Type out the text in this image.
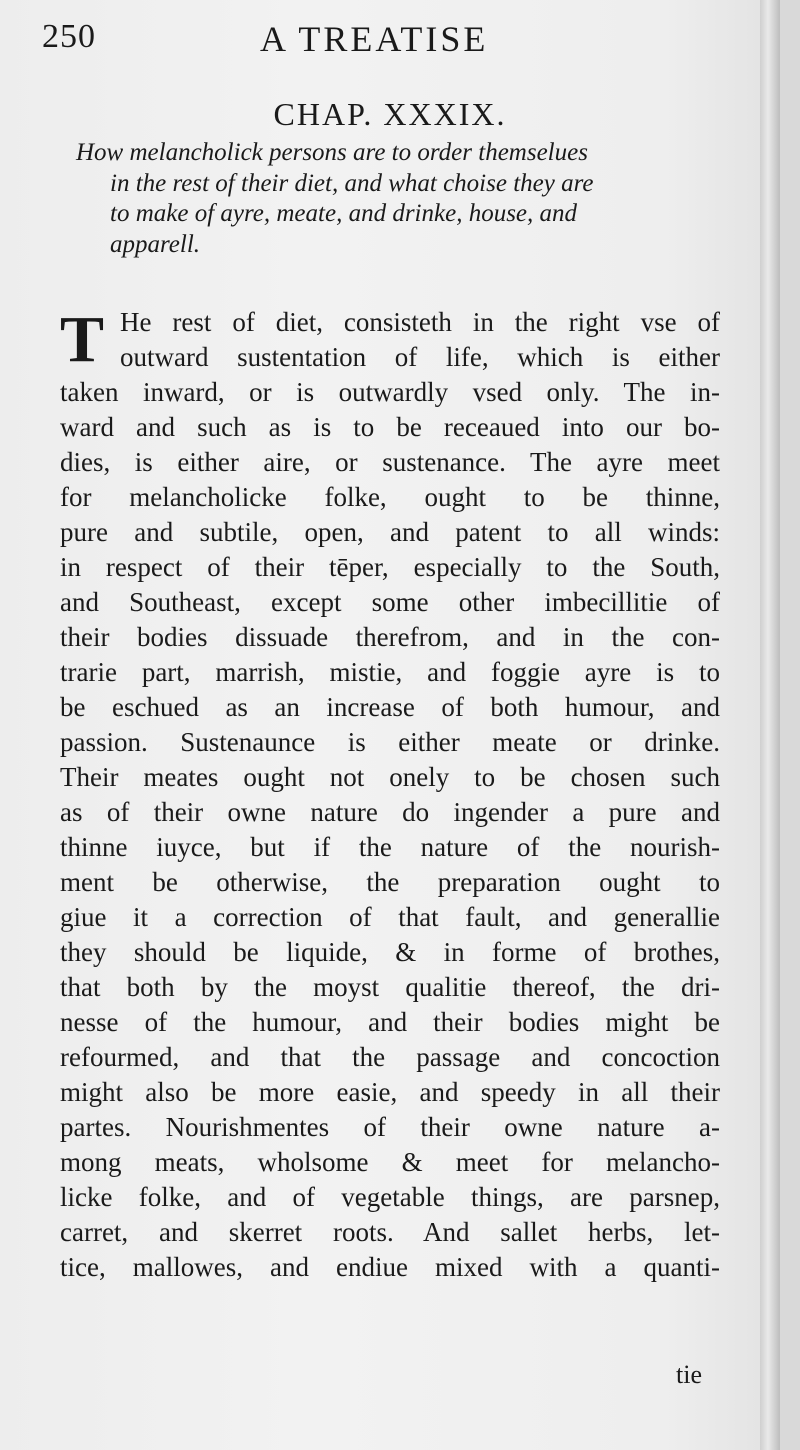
250	A TREATISE
CHAP. XXXIX.
How melancholick persons are to order themselues
in the rest of their diet, and what choise they are
to make of ayre, meate, and drinke, house, and
apparell.
T He rest of diet, consisteth in the right vse of
outward sustentation of life, which is either
taken inward, or is outwardly vsed only. The in-
ward and such as is to be receaued into our bo-
dies, is either aire, or sustenance. The ayre meet
for melancholicke folke, ought to be thinne,
pure and subtile, open, and patent to all winds:
in respect of their tēper, especially to the South,
and Southeast, except some other imbecillitie of
their bodies dissuade therefrom, and in the con-
trarie part, marrish, mistie, and foggie ayre is to
be eschued as an increase of both humour, and
passion. Sustenaunce is either meate or drinke.
Their meates ought not onely to be chosen such
as of their owne nature do ingender a pure and
thinne iuyce, but if the nature of the nourish-
ment be otherwise, the preparation ought to
giue it a correction of that fault, and generallie
they should be liquide, & in forme of brothes,
that both by the moyst qualitie thereof, the dri-
nesse of the humour, and their bodies might be
refourmed, and that the passage and concoction
might also be more easie, and speedy in all their
partes. Nourishmentes of their owne nature a-
mong meats, wholsome & meet for melancho-
licke folke, and of vegetable things, are parsnep,
carret, and skerret roots. And sallet herbs, let-
tice, mallowes, and endiue mixed with a quanti-
tie
